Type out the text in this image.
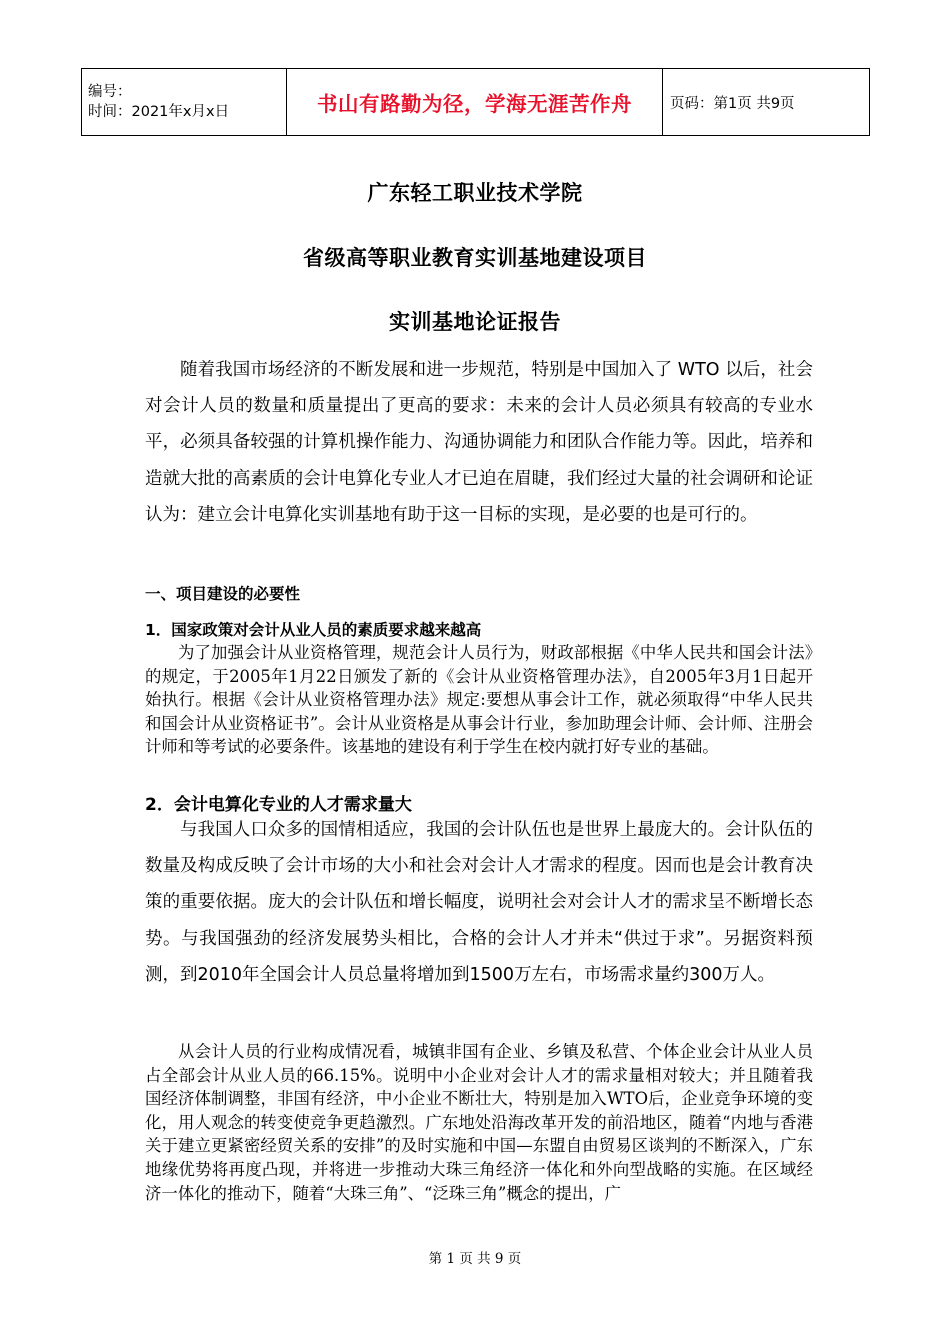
编号：
时间：2021年x月x日	书山有路勤为径，学海无涯苦作舟	页码：第1页 共9页
广东轻工职业技术学院
省级高等职业教育实训基地建设项目
实训基地论证报告

随着我国市场经济的不断发展和进一步规范，特别是中国加入了 WTO 以后，社会对会计人员的数量和质量提出了更高的要求：未来的会计人员必须具有较高的专业水平，必须具备较强的计算机操作能力、沟通协调能力和团队合作能力等。因此，培养和造就大批的高素质的会计电算化专业人才已迫在眉睫，我们经过大量的社会调研和论证认为：建立会计电算化实训基地有助于这一目标的实现，是必要的也是可行的。

一、项目建设的必要性
1．国家政策对会计从业人员的素质要求越来越高

为了加强会计从业资格管理，规范会计人员行为，财政部根据《中华人民共和国会计法》的规定，于2005年1月22日颁发了新的《会计从业资格管理办法》，自2005年3月1日起开始执行。根据《会计从业资格管理办法》规定:要想从事会计工作，就必须取得“中华人民共和国会计从业资格证书”。会计从业资格是从事会计行业，参加助理会计师、会计师、注册会计师和等考试的必要条件。该基地的建设有利于学生在校内就打好专业的基础。

2．会计电算化专业的人才需求量大

与我国人口众多的国情相适应，我国的会计队伍也是世界上最庞大的。会计队伍的数量及构成反映了会计市场的大小和社会对会计人才需求的程度。因而也是会计教育决策的重要依据。庞大的会计队伍和增长幅度，说明社会对会计人才的需求呈不断增长态势。与我国强劲的经济发展势头相比，合格的会计人才并未“供过于求”。另据资料预测，到2010年全国会计人员总量将增加到1500万左右，市场需求量约300万人。

从会计人员的行业构成情况看，城镇非国有企业、乡镇及私营、个体企业会计从业人员占全部会计从业人员的66.15%。说明中小企业对会计人才的需求量相对较大；并且随着我国经济体制调整，非国有经济，中小企业不断壮大，特别是加入WTO后，企业竞争环境的变化，用人观念的转变使竞争更趋激烈。广东地处沿海改革开发的前沿地区，随着“内地与香港关于建立更紧密经贸关系的安排”的及时实施和中国—东盟自由贸易区谈判的不断深入，广东地缘优势将再度凸现，并将进一步推动大珠三角经济一体化和外向型战略的实施。在区域经济一体化的推动下，随着“大珠三角”、“泛珠三角”概念的提出，广

第 1 页 共 9 页
